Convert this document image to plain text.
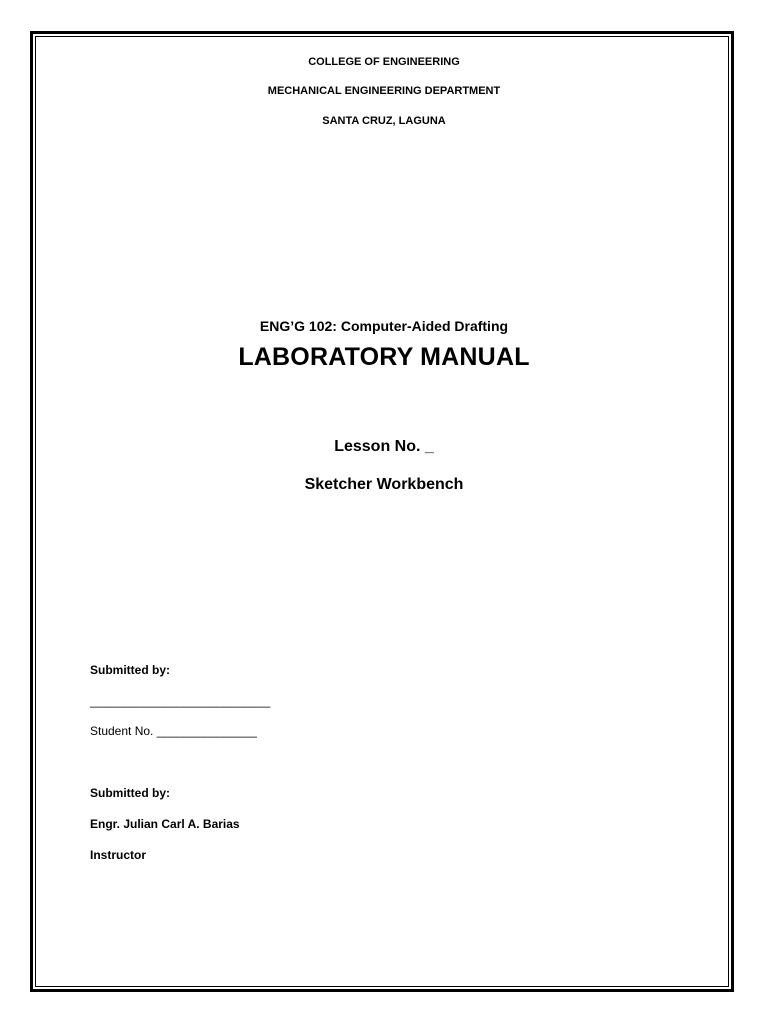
COLLEGE OF ENGINEERING
MECHANICAL ENGINEERING DEPARTMENT
SANTA CRUZ, LAGUNA
ENG’G 102: Computer-Aided Drafting
LABORATORY MANUAL
Lesson No. _
Sketcher Workbench
Submitted by:
___________________________
Student No. _______________
Submitted by:
Engr. Julian Carl A. Barias
Instructor
